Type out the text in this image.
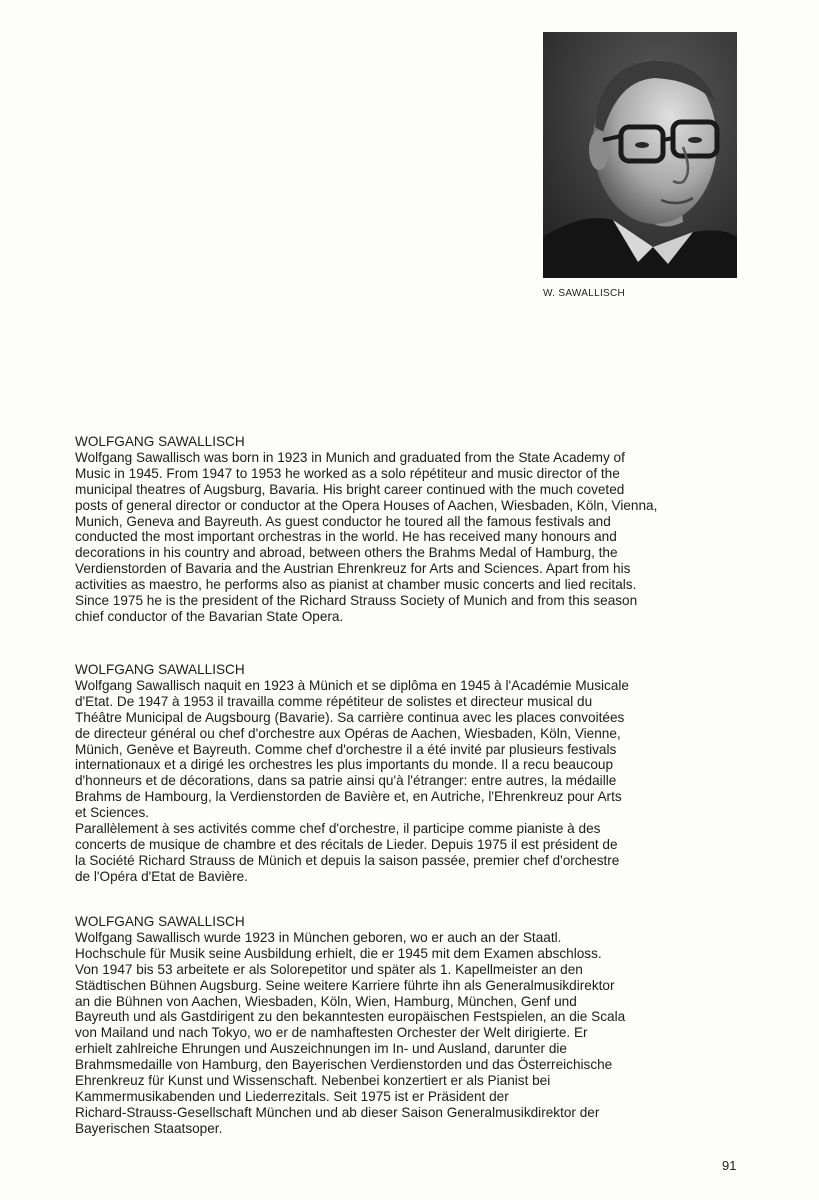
W. SAWALLISCH

WOLFGANG SAWALLISCH

Wolfgang Sawallisch was born in 1923 in Munich and graduated from the State Academy of
Music in 1945. From 1947 to 1953 he worked as a solo répétiteur and music director of the
municipal theatres of Augsburg, Bavaria. His bright career continued with the much coveted
posts of general director or conductor at the Opera Houses of Aachen, Wiesbaden, Köln, Vienna,
Munich, Geneva and Bayreuth. As guest conductor he toured all the famous festivals and
conducted the most important orchestras in the world. He has received many honours and
decorations in his country and abroad, between others the Brahms Medal of Hamburg, the
Verdienstorden of Bavaria and the Austrian Ehrenkreuz for Arts and Sciences. Apart from his
activities as maestro, he performs also as pianist at chamber music concerts and lied recitals.
Since 1975 he is the president of the Richard Strauss Society of Munich and from this season
chief conductor of the Bavarian State Opera.

WOLFGANG SAWALLISCH

Wolfgang Sawallisch naquit en 1923 à Münich et se diplôma en 1945 à l'Académie Musicale
d'Etat. De 1947 à 1953 il travailla comme répétiteur de solistes et directeur musical du
Théâtre Municipal de Augsbourg (Bavarie). Sa carrière continua avec les places convoitées
de directeur général ou chef d'orchestre aux Opéras de Aachen, Wiesbaden, Köln, Vienne,
Münich, Genève et Bayreuth. Comme chef d'orchestre il a été invité par plusieurs festivals
internationaux et a dirigé les orchestres les plus importants du monde. Il a recu beaucoup
d'honneurs et de décorations, dans sa patrie ainsi qu'à l'étranger: entre autres, la médaille
Brahms de Hambourg, la Verdienstorden de Bavière et, en Autriche, l'Ehrenkreuz pour Arts
et Sciences.
Parallèlement à ses activités comme chef d'orchestre, il participe comme pianiste à des
concerts de musique de chambre et des récitals de Lieder. Depuis 1975 il est président de
la Société Richard Strauss de Münich et depuis la saison passée, premier chef d'orchestre
de l'Opéra d'Etat de Bavière.

WOLFGANG SAWALLISCH

Wolfgang Sawallisch wurde 1923 in München geboren, wo er auch an der Staatl.
Hochschule für Musik seine Ausbildung erhielt, die er 1945 mit dem Examen abschloss.
Von 1947 bis 53 arbeitete er als Solorepetitor und später als 1. Kapellmeister an den
Städtischen Bühnen Augsburg. Seine weitere Karriere führte ihn als Generalmusikdirektor
an die Bühnen von Aachen, Wiesbaden, Köln, Wien, Hamburg, München, Genf und
Bayreuth und als Gastdirigent zu den bekanntesten europäischen Festspielen, an die Scala
von Mailand und nach Tokyo, wo er de namhaftesten Orchester der Welt dirigierte. Er
erhielt zahlreiche Ehrungen und Auszeichnungen im In- und Ausland, darunter die
Brahmsmedaille von Hamburg, den Bayerischen Verdienstorden und das Österreichische
Ehrenkreuz für Kunst und Wissenschaft. Nebenbei konzertiert er als Pianist bei
Kammermusikabenden und Liederrezitals. Seit 1975 ist er Präsident der
Richard-Strauss-Gesellschaft München und ab dieser Saison Generalmusikdirektor der
Bayerischen Staatsoper.

91
